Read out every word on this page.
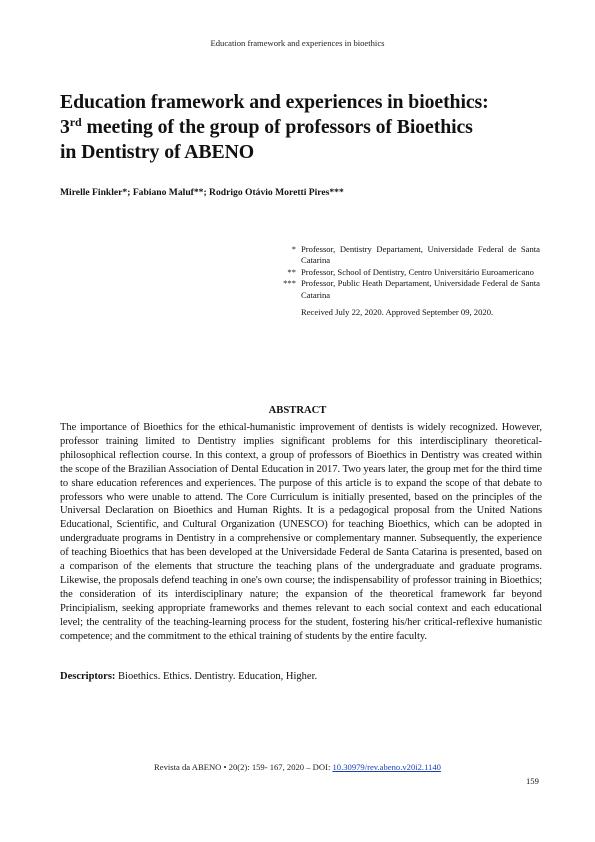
Education framework and experiences in bioethics
Education framework and experiences in bioethics:
3rd meeting of the group of professors of Bioethics
in Dentistry of ABENO
Mirelle Finkler*; Fabiano Maluf**; Rodrigo Otávio Moretti Pires***
* Professor, Dentistry Departament, Universidade Federal de Santa Catarina
** Professor, School of Dentistry, Centro Universitário Euroamericano
*** Professor, Public Heath Departament, Universidade Federal de Santa Catarina
Received July 22, 2020. Approved September 09, 2020.
ABSTRACT

The importance of Bioethics for the ethical-humanistic improvement of dentists is widely recognized. However, professor training limited to Dentistry implies significant problems for this interdisciplinary theoretical-philosophical reflection course. In this context, a group of professors of Bioethics in Dentistry was created within the scope of the Brazilian Association of Dental Education in 2017. Two years later, the group met for the third time to share education references and experiences. The purpose of this article is to expand the scope of that debate to professors who were unable to attend. The Core Curriculum is initially presented, based on the principles of the Universal Declaration on Bioethics and Human Rights. It is a pedagogical proposal from the United Nations Educational, Scientific, and Cultural Organization (UNESCO) for teaching Bioethics, which can be adopted in undergraduate programs in Dentistry in a comprehensive or complementary manner. Subsequently, the experience of teaching Bioethics that has been developed at the Universidade Federal de Santa Catarina is presented, based on a comparison of the elements that structure the teaching plans of the undergraduate and graduate programs. Likewise, the proposals defend teaching in one's own course; the indispensability of professor training in Bioethics; the consideration of its interdisciplinary nature; the expansion of the theoretical framework far beyond Principialism, seeking appropriate frameworks and themes relevant to each social context and each educational level; the centrality of the teaching-learning process for the student, fostering his/her critical-reflexive humanistic competence; and the commitment to the ethical training of students by the entire faculty.

Descriptors: Bioethics. Ethics. Dentistry. Education, Higher.
Revista da ABENO • 20(2): 159- 167, 2020 – DOI: 10.30979/rev.abeno.v20i2.1140
159
